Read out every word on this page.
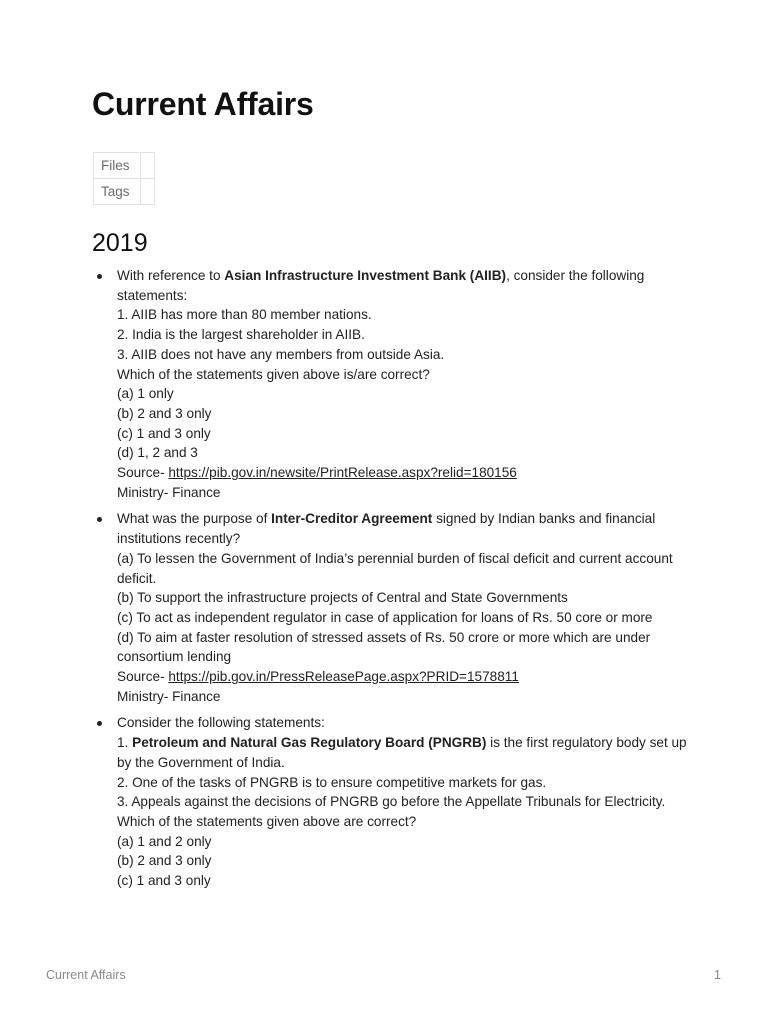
Current Affairs
Files	
Tags	
2019
With reference to Asian Infrastructure Investment Bank (AIIB), consider the following statements:
1. AIIB has more than 80 member nations.
2. India is the largest shareholder in AIIB.
3. AIIB does not have any members from outside Asia.
Which of the statements given above is/are correct?
(a) 1 only
(b) 2 and 3 only
(c) 1 and 3 only
(d) 1, 2 and 3
Source- https://pib.gov.in/newsite/PrintRelease.aspx?relid=180156
Ministry- Finance
What was the purpose of Inter-Creditor Agreement signed by Indian banks and financial institutions recently?
(a) To lessen the Government of India’s perennial burden of fiscal deficit and current account deficit.
(b) To support the infrastructure projects of Central and State Governments
(c) To act as independent regulator in case of application for loans of Rs. 50 core or more
(d) To aim at faster resolution of stressed assets of Rs. 50 crore or more which are under consortium lending
Source- https://pib.gov.in/PressReleasePage.aspx?PRID=1578811
Ministry- Finance
Consider the following statements:
1. Petroleum and Natural Gas Regulatory Board (PNGRB) is the first regulatory body set up by the Government of India.
2. One of the tasks of PNGRB is to ensure competitive markets for gas.
3. Appeals against the decisions of PNGRB go before the Appellate Tribunals for Electricity.
Which of the statements given above are correct?
(a) 1 and 2 only
(b) 2 and 3 only
(c) 1 and 3 only
Current Affairs	1
